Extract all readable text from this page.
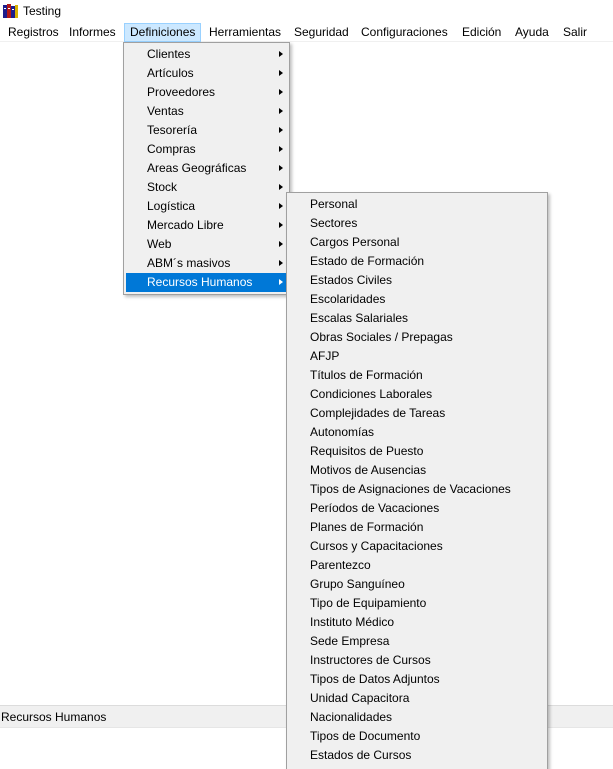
Testing
Registros Informes	Definiciones	Herramientas	Seguridad	Configuraciones	Edición	Ayuda	Salir
Recursos Humanos
Clientes
Artículos
Proveedores
Ventas
Tesorería
Compras
Areas Geográficas
Stock
Logística
Mercado Libre
Web
ABM´s masivos
Recursos Humanos
Personal
Sectores
Cargos Personal
Estado de Formación
Estados Civiles
Escolaridades
Escalas Salariales
Obras Sociales / Prepagas
AFJP
Títulos de Formación
Condiciones Laborales
Complejidades de Tareas
Autonomías
Requisitos de Puesto
Motivos de Ausencias
Tipos de Asignaciones de Vacaciones
Períodos de Vacaciones
Planes de Formación
Cursos y Capacitaciones
Parentezco
Grupo Sanguíneo
Tipo de Equipamiento
Instituto Médico
Sede Empresa
Instructores de Cursos
Tipos de Datos Adjuntos
Unidad Capacitora
Nacionalidades
Tipos de Documento
Estados de Cursos
